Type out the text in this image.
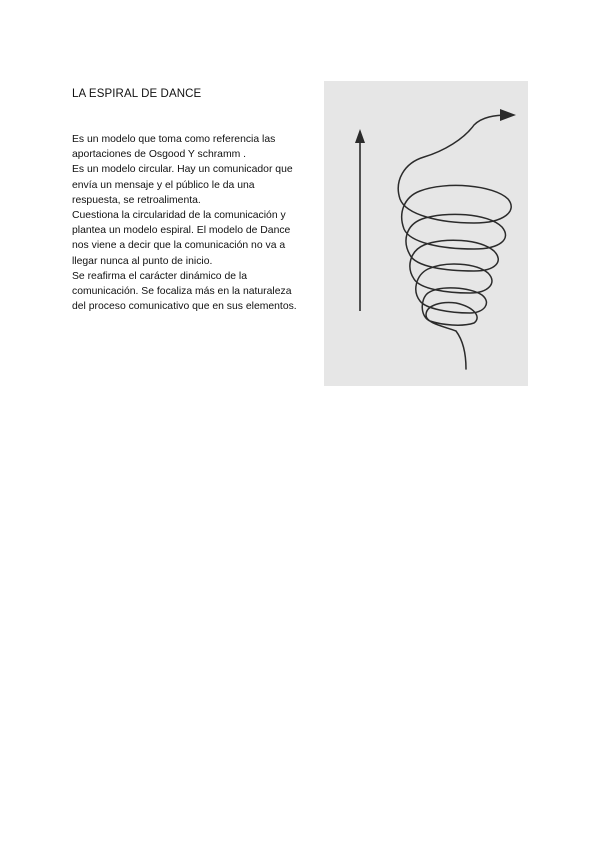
LA ESPIRAL DE DANCE
Es un modelo que toma como referencia las
aportaciones de Osgood Y schramm .
Es un modelo circular. Hay un comunicador que
envía un mensaje y el público le da una
respuesta, se retroalimenta.
Cuestiona la circularidad de la comunicación y
plantea un modelo espiral. El modelo de Dance
nos viene a decir que la comunicación no va a
llegar nunca al punto de inicio.
Se reafirma el carácter dinámico de la
comunicación. Se focaliza más en la naturaleza
del proceso comunicativo que en sus elementos.
